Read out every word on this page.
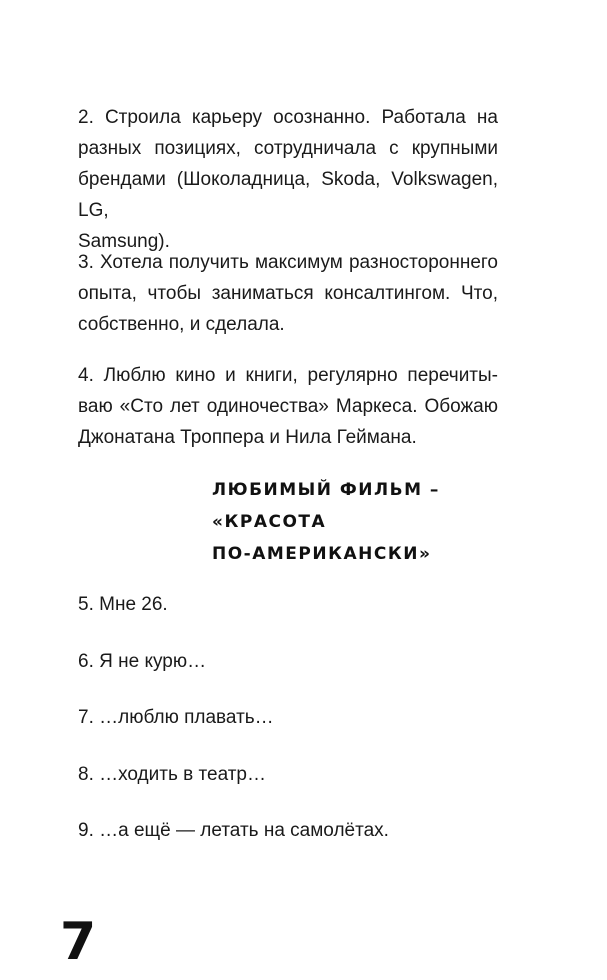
2. Строила карьеру осознанно. Работала на
разных позициях, сотрудничала с крупными
брендами (Шоколадница, Skoda, Volkswagen, LG,
Samsung).
3. Хотела получить максимум разностороннего
опыта, чтобы заниматься консалтингом. Что,
собственно, и сделала.
4. Люблю кино и книги, регулярно перечиты-
ваю «Сто лет одиночества» Маркеса. Обожаю
Джонатана Троппера и Нила Геймана.
ЛЮБИМЫЙ ФИЛЬМ –
«КРАСОТА
ПО-АМЕРИКАНСКИ»
5. Мне 26.
6. Я не курю…
7. …люблю плавать…
8. …ходить в театр…
9. …а ещё — летать на самолётах.
7
